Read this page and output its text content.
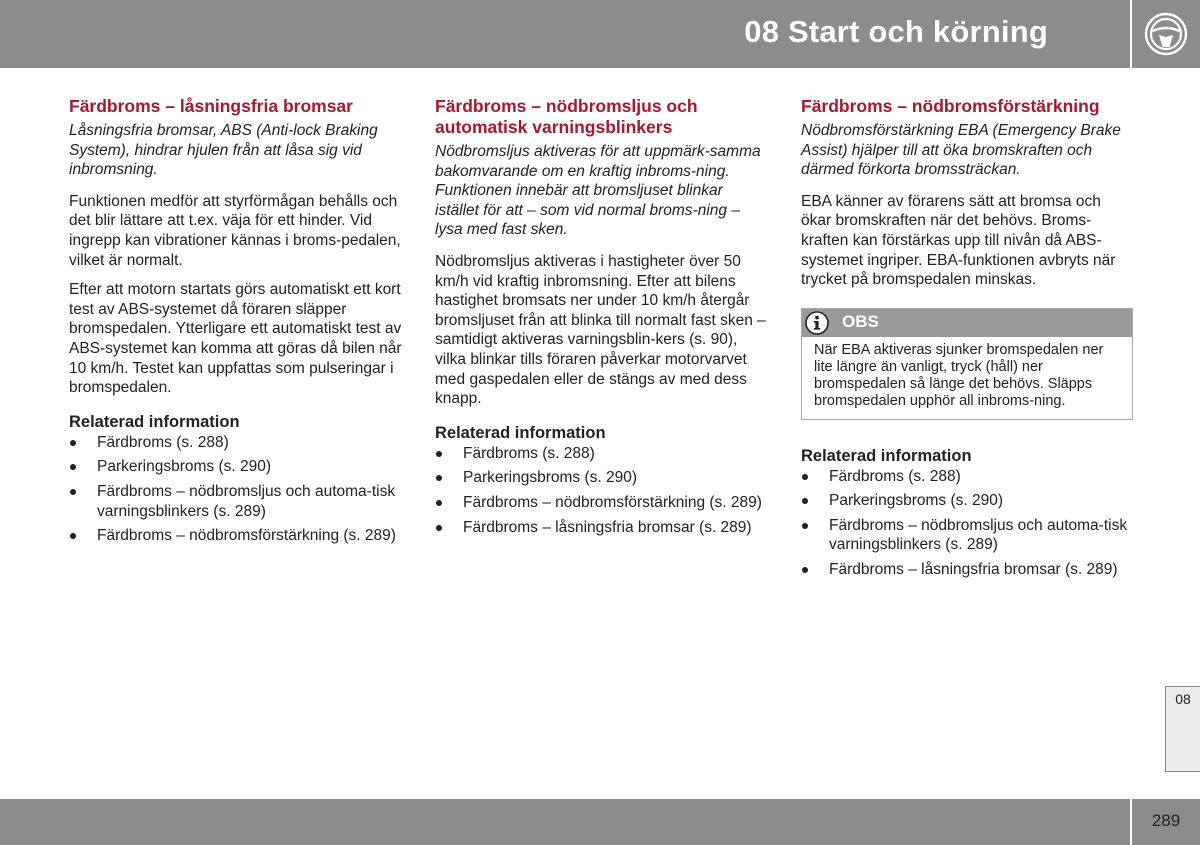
08 Start och körning
Färdbroms – låsningsfria bromsar

Låsningsfria bromsar, ABS (Anti-lock Braking System), hindrar hjulen från att låsa sig vid inbromsning.

Funktionen medför att styrförmågan behålls och det blir lättare att t.ex. väja för ett hinder. Vid ingrepp kan vibrationer kännas i broms-pedalen, vilket är normalt.

Efter att motorn startats görs automatiskt ett kort test av ABS-systemet då föraren släpper bromspedalen. Ytterligare ett automatiskt test av ABS-systemet kan komma att göras då bilen når 10 km/h. Testet kan uppfattas som pulseringar i bromspedalen.

Relaterad information
Färdbroms (s. 288)
Parkeringsbroms (s. 290)
Färdbroms – nödbromsljus och automa-tisk varningsblinkers (s. 289)
Färdbroms – nödbromsförstärkning (s. 289)
Färdbroms – nödbromsljus och automatisk varningsblinkers

Nödbromsljus aktiveras för att uppmärk-samma bakomvarande om en kraftig inbroms-ning. Funktionen innebär att bromsljuset blinkar istället för att – som vid normal broms-ning – lysa med fast sken.

Nödbromsljus aktiveras i hastigheter över 50 km/h vid kraftig inbromsning. Efter att bilens hastighet bromsats ner under 10 km/h återgår bromsljuset från att blinka till normalt fast sken – samtidigt aktiveras varningsblin-kers (s. 90), vilka blinkar tills föraren påverkar motorvarvet med gaspedalen eller de stängs av med dess knapp.

Relaterad information
Färdbroms (s. 288)
Parkeringsbroms (s. 290)
Färdbroms – nödbromsförstärkning (s. 289)
Färdbroms – låsningsfria bromsar (s. 289)
Färdbroms – nödbromsförstärkning

Nödbromsförstärkning EBA (Emergency Brake Assist) hjälper till att öka bromskraften och därmed förkorta bromssträckan.

EBA känner av förarens sätt att bromsa och ökar bromskraften när det behövs. Broms-kraften kan förstärkas upp till nivån då ABS-systemet ingriper. EBA-funktionen avbryts när trycket på bromspedalen minskas.

OBS
När EBA aktiveras sjunker bromspedalen ner lite längre än vanligt, tryck (håll) ner bromspedalen så länge det behövs. Släpps bromspedalen upphör all inbroms-ning.
Relaterad information
Färdbroms (s. 288)
Parkeringsbroms (s. 290)
Färdbroms – nödbromsljus och automa-tisk varningsblinkers (s. 289)
Färdbroms – låsningsfria bromsar (s. 289)
08
289
